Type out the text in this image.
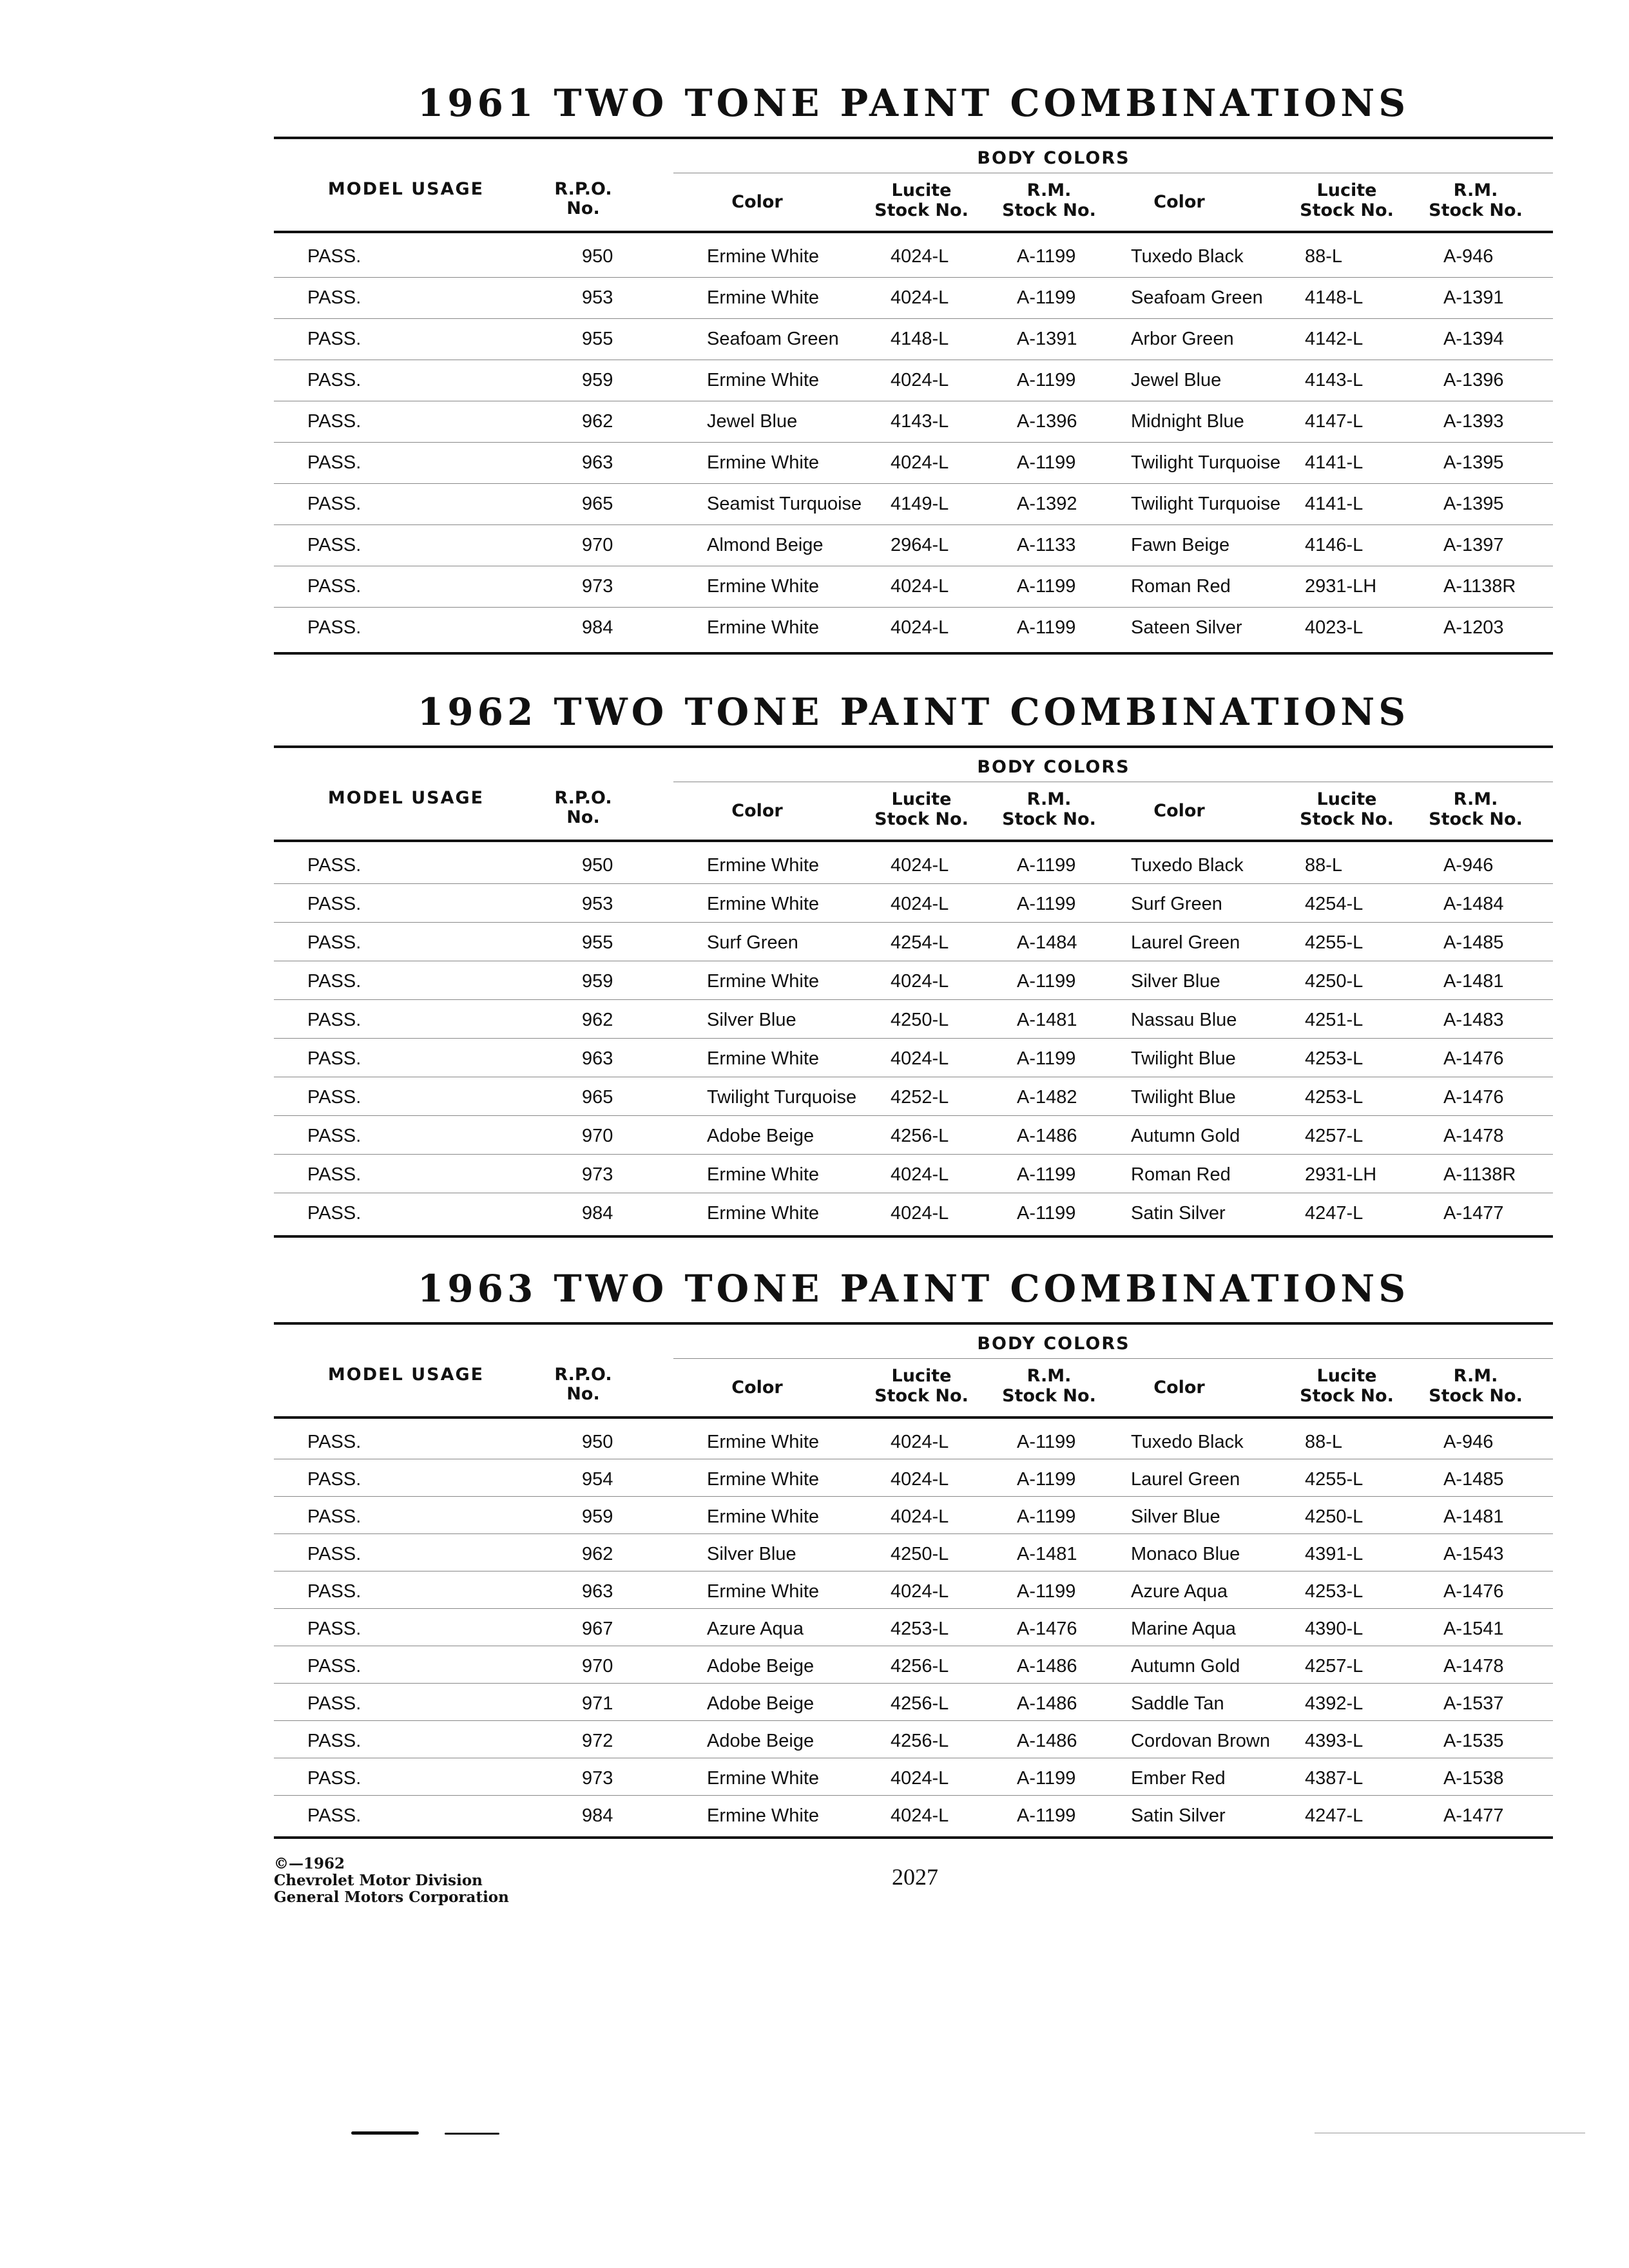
1961 TWO TONE PAINT COMBINATIONS
MODEL USAGE	R.P.O.
No.
BODY COLORS
Color
Lucite
Stock No.
R.M.
Stock No.	Color
Lucite
Stock No.
R.M.
Stock No.
PASS.	950	Ermine White	4024-L	A-1199	Tuxedo Black	88-L	A-946
PASS.	953	Ermine White	4024-L	A-1199	Seafoam Green 4148-L	A-1391
PASS.	955	Seafoam Green	4148-L	A-1391	Arbor Green	4142-L	A-1394
PASS.	959	Ermine White	4024-L	A-1199	Jewel Blue	4143-L	A-1396
PASS.	962	Jewel Blue	4143-L	A-1396	Midnight Blue	4147-L	A-1393
PASS.	963	Ermine White	4024-L	A-1199	Twilight Turquoise 4141-L	A-1395
PASS.	965	Seamist Turquoise 4149-L	A-1392	Twilight Turquoise 4141-L	A-1395
PASS.	970	Almond Beige	2964-L	A-1133	Fawn Beige	4146-L	A-1397
PASS.	973	Ermine White	4024-L	A-1199	Roman Red	2931-LH	A-1138R
PASS.	984	Ermine White	4024-L	A-1199	Sateen Silver	4023-L	A-1203
1962 TWO TONE PAINT COMBINATIONS
MODEL USAGE	R.P.O.
No.
BODY COLORS
Color
Lucite
Stock No.
R.M.
Stock No.	Color
Lucite
Stock No.
R.M.
Stock No.
PASS.	950	Ermine White	4024-L	A-1199	Tuxedo Black	88-L	A-946
PASS.	953	Ermine White	4024-L	A-1199	Surf Green	4254-L	A-1484
PASS.	955	Surf Green	4254-L	A-1484	Laurel Green	4255-L	A-1485
PASS.	959	Ermine White	4024-L	A-1199	Silver Blue	4250-L	A-1481
PASS.	962	Silver Blue	4250-L	A-1481	Nassau Blue	4251-L	A-1483
PASS.	963	Ermine White	4024-L	A-1199	Twilight Blue	4253-L	A-1476
PASS.	965	Twilight Turquoise 4252-L	A-1482	Twilight Blue	4253-L	A-1476
PASS.	970	Adobe Beige	4256-L	A-1486	Autumn Gold	4257-L	A-1478
PASS.	973	Ermine White	4024-L	A-1199	Roman Red	2931-LH	A-1138R
PASS.	984	Ermine White	4024-L	A-1199	Satin Silver	4247-L	A-1477
1963 TWO TONE PAINT COMBINATIONS
MODEL USAGE	R.P.O.
No.
BODY COLORS
Color
Lucite
Stock No.
R.M.
Stock No.	Color
Lucite
Stock No.
R.M.
Stock No.
PASS.	950	Ermine White	4024-L	A-1199	Tuxedo Black	88-L	A-946
PASS.	954	Ermine White	4024-L	A-1199	Laurel Green	4255-L	A-1485
PASS.	959	Ermine White	4024-L	A-1199	Silver Blue	4250-L	A-1481
PASS.	962	Silver Blue	4250-L	A-1481	Monaco Blue	4391-L	A-1543
PASS.	963	Ermine White	4024-L	A-1199	Azure Aqua	4253-L	A-1476
PASS.	967	Azure Aqua	4253-L	A-1476	Marine Aqua	4390-L	A-1541
PASS.	970	Adobe Beige	4256-L	A-1486	Autumn Gold	4257-L	A-1478
PASS.	971	Adobe Beige	4256-L	A-1486	Saddle Tan	4392-L	A-1537
PASS.	972	Adobe Beige	4256-L	A-1486	Cordovan Brown 4393-L	A-1535
PASS.	973	Ermine White	4024-L	A-1199	Ember Red	4387-L	A-1538
PASS.	984	Ermine White	4024-L	A-1199	Satin Silver	4247-L	A-1477
©—1962
Chevrolet Motor Division
General Motors Corporation
2027
